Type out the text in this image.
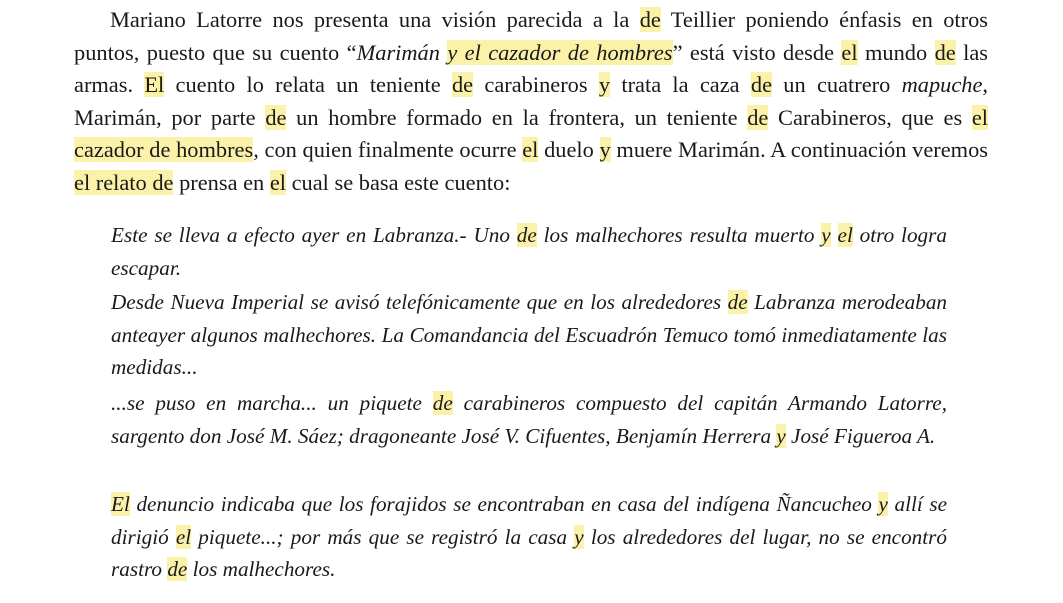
Mariano Latorre nos presenta una visión parecida a la de Teillier poniendo énfasis en otros puntos, puesto que su cuento “Marimán y el cazador de hombres” está visto desde el mundo de las armas. El cuento lo relata un teniente de carabineros y trata la caza de un cuatrero mapuche, Marimán, por parte de un hombre formado en la frontera, un teniente de Carabineros, que es el cazador de hombres, con quien finalmente ocurre el duelo y muere Marimán. A continuación veremos el relato de prensa en el cual se basa este cuento:

Este se lleva a efecto ayer en Labranza.- Uno de los malhechores resulta muerto y el otro logra escapar.

Desde Nueva Imperial se avisó telefónicamente que en los alrededores de Labranza merodeaban anteayer algunos malhechores. La Comandancia del Escuadrón Temuco tomó inmediatamente las medidas...

...se puso en marcha... un piquete de carabineros compuesto del capitán Armando Latorre, sargento don José M. Sáez; dragoneante José V. Cifuentes, Benjamín Herrera y José Figueroa A.

El denuncio indicaba que los forajidos se encontraban en casa del indígena Ñancucheo y allí se dirigió el piquete...; por más que se registró la casa y los alrededores del lugar, no se encontró rastro de los malhechores.
